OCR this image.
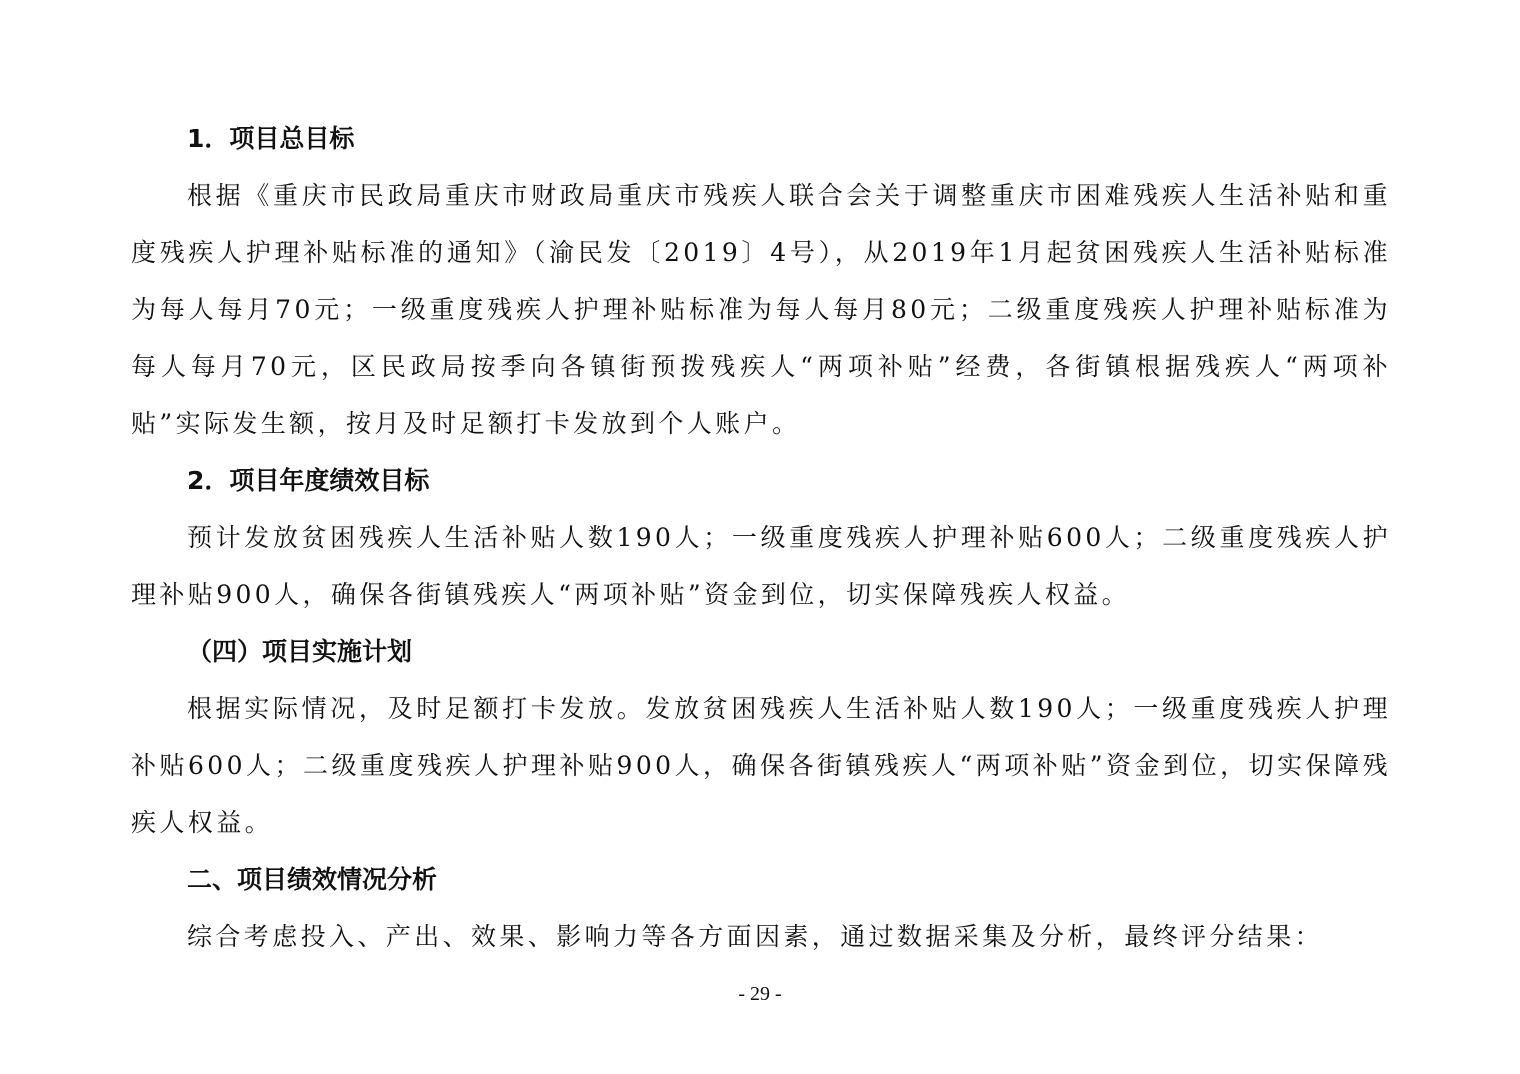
1．项目总目标

根据《重庆市民政局重庆市财政局重庆市残疾人联合会关于调整重庆市困难残疾人生活补贴和重度残疾人护理补贴标准的通知》（渝民发〔2019〕4号），从2019年1月起贫困残疾人生活补贴标准为每人每月70元；一级重度残疾人护理补贴标准为每人每月80元；二级重度残疾人护理补贴标准为每人每月70元，区民政局按季向各镇街预拨残疾人“两项补贴”经费，各街镇根据残疾人“两项补贴”实际发生额，按月及时足额打卡发放到个人账户。

2．项目年度绩效目标

预计发放贫困残疾人生活补贴人数190人；一级重度残疾人护理补贴600人；二级重度残疾人护理补贴900人，确保各街镇残疾人“两项补贴”资金到位，切实保障残疾人权益。

（四）项目实施计划

根据实际情况，及时足额打卡发放。发放贫困残疾人生活补贴人数190人；一级重度残疾人护理补贴600人；二级重度残疾人护理补贴900人，确保各街镇残疾人“两项补贴”资金到位，切实保障残疾人权益。

二、项目绩效情况分析

综合考虑投入、产出、效果、影响力等各方面因素，通过数据采集及分析，最终评分结果：

- 29 -
